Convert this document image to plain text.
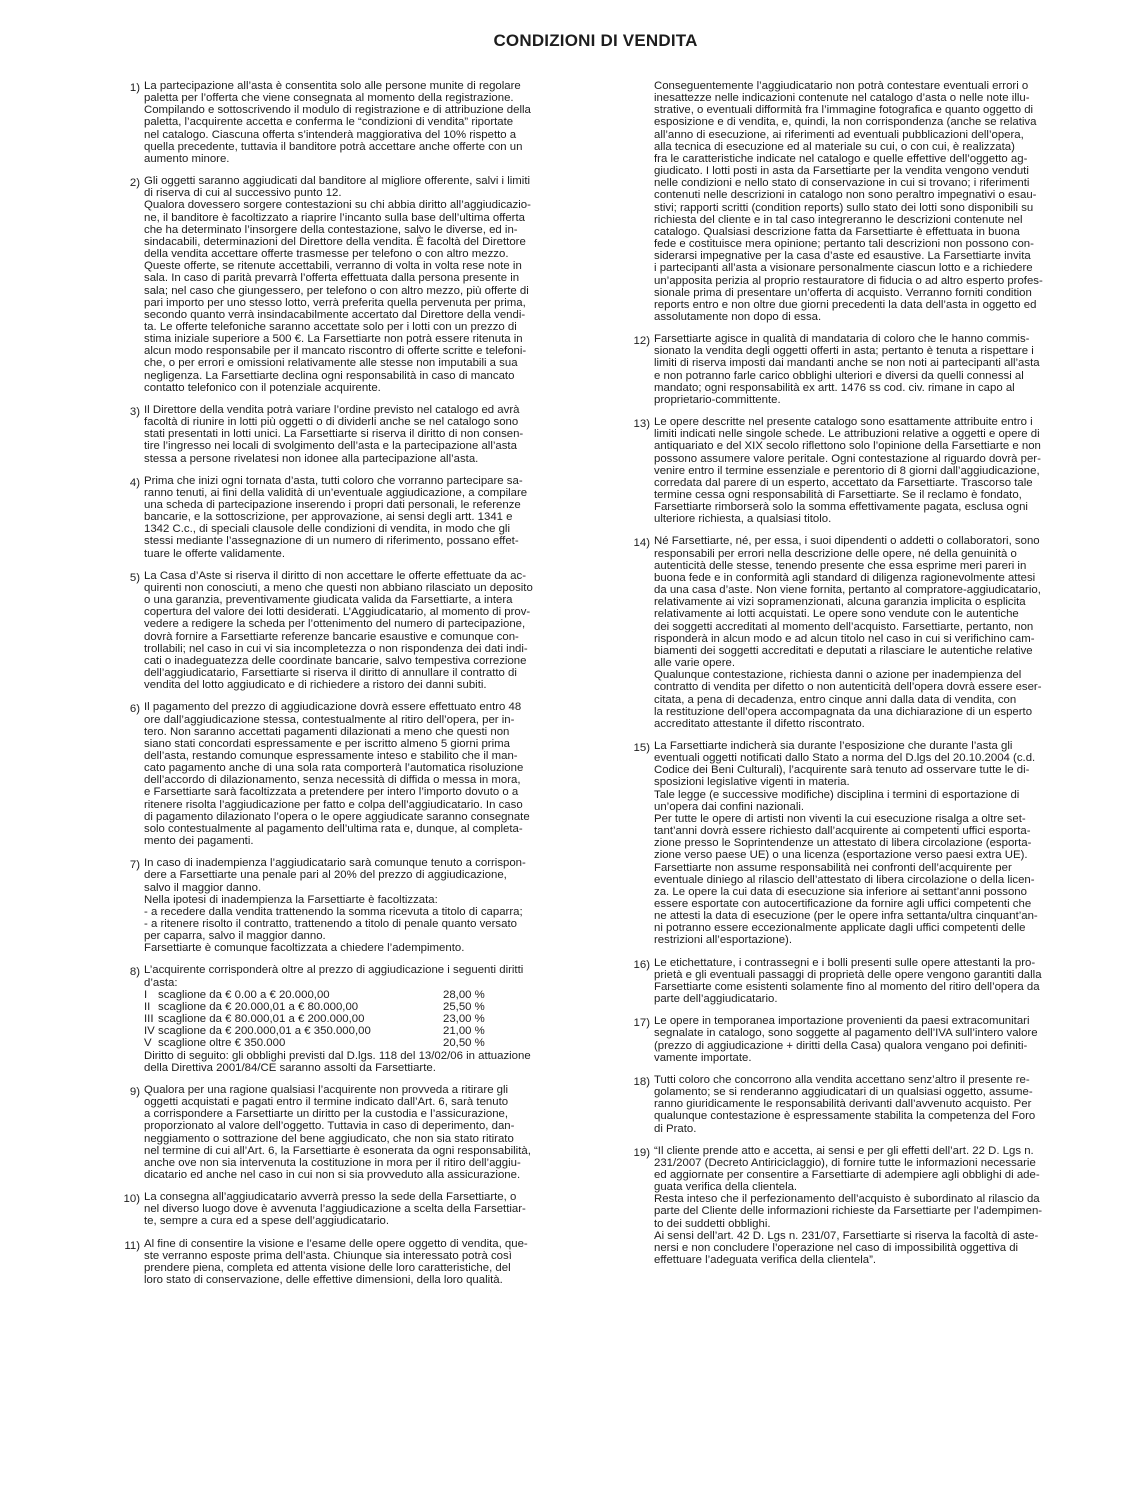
CONDIZIONI DI VENDITA
1) La partecipazione all’asta è consentita solo alle persone munite di regolare
paletta per l’offerta che viene consegnata al momento della registrazione.
Compilando e sottoscrivendo il modulo di registrazione e di attribuzione della
paletta, l’acquirente accetta e conferma le “condizioni di vendita” riportate
nel catalogo. Ciascuna offerta s’intenderà maggiorativa del 10% rispetto a
quella precedente, tuttavia il banditore potrà accettare anche offerte con un
aumento minore.

2) Gli oggetti saranno aggiudicati dal banditore al migliore offerente, salvi i limiti
di riserva di cui al successivo punto 12.

Qualora dovessero sorgere contestazioni su chi abbia diritto all’aggiudicazio-
ne, il banditore è facoltizzato a riaprire l’incanto sulla base dell’ultima offerta
che ha determinato l’insorgere della contestazione, salvo le diverse, ed in-
sindacabili, determinazioni del Direttore della vendita. È facoltà del Direttore
della vendita accettare offerte trasmesse per telefono o con altro mezzo.
Queste offerte, se ritenute accettabili, verranno di volta in volta rese note in
sala. In caso di parità prevarrà l’offerta effettuata dalla persona presente in
sala; nel caso che giungessero, per telefono o con altro mezzo, più offerte di
pari importo per uno stesso lotto, verrà preferita quella pervenuta per prima,
secondo quanto verrà insindacabilmente accertato dal Direttore della vendi-
ta. Le offerte telefoniche saranno accettate solo per i lotti con un prezzo di
stima iniziale superiore a 500 €. La Farsettiarte non potrà essere ritenuta in
alcun modo responsabile per il mancato riscontro di offerte scritte e telefoni-
che, o per errori e omissioni relativamente alle stesse non imputabili a sua
negligenza. La Farsettiarte declina ogni responsabilità in caso di mancato
contatto telefonico con il potenziale acquirente.

3) Il Direttore della vendita potrà variare l’ordine previsto nel catalogo ed avrà
facoltà di riunire in lotti più oggetti o di dividerli anche se nel catalogo sono
stati presentati in lotti unici. La Farsettiarte si riserva il diritto di non consen-
tire l’ingresso nei locali di svolgimento dell’asta e la partecipazione all’asta
stessa a persone rivelatesi non idonee alla partecipazione all’asta.

4) Prima che inizi ogni tornata d’asta, tutti coloro che vorranno partecipare sa-
ranno tenuti, ai fini della validità di un’eventuale aggiudicazione, a compilare
una scheda di partecipazione inserendo i propri dati personali, le referenze
bancarie, e la sottoscrizione, per approvazione, ai sensi degli artt. 1341 e
1342 C.c., di speciali clausole delle condizioni di vendita, in modo che gli
stessi mediante l’assegnazione di un numero di riferimento, possano effet-
tuare le offerte validamente.

5) La Casa d’Aste si riserva il diritto di non accettare le offerte effettuate da ac-
quirenti non conosciuti, a meno che questi non abbiano rilasciato un deposito
o una garanzia, preventivamente giudicata valida da Farsettiarte, a intera
copertura del valore dei lotti desiderati. L’Aggiudicatario, al momento di prov-
vedere a redigere la scheda per l’ottenimento del numero di partecipazione,
dovrà fornire a Farsettiarte referenze bancarie esaustive e comunque con-
trollabili; nel caso in cui vi sia incompletezza o non rispondenza dei dati indi-
cati o inadeguatezza delle coordinate bancarie, salvo tempestiva correzione
dell’aggiudicatario, Farsettiarte si riserva il diritto di annullare il contratto di
vendita del lotto aggiudicato e di richiedere a ristoro dei danni subiti.

6) Il pagamento del prezzo di aggiudicazione dovrà essere effettuato entro 48
ore dall’aggiudicazione stessa, contestualmente al ritiro dell’opera, per in-
tero. Non saranno accettati pagamenti dilazionati a meno che questi non
siano stati concordati espressamente e per iscritto almeno 5 giorni prima
dell’asta, restando comunque espressamente inteso e stabilito che il man-
cato pagamento anche di una sola rata comporterà l’automatica risoluzione
dell’accordo di dilazionamento, senza necessità di diffida o messa in mora,
e Farsettiarte sarà facoltizzata a pretendere per intero l’importo dovuto o a
ritenere risolta l’aggiudicazione per fatto e colpa dell’aggiudicatario. In caso
di pagamento dilazionato l’opera o le opere aggiudicate saranno consegnate
solo contestualmente al pagamento dell’ultima rata e, dunque, al completa-
mento dei pagamenti.

7) In caso di inadempienza l’aggiudicatario sarà comunque tenuto a corrispon-
dere a Farsettiarte una penale pari al 20% del prezzo di aggiudicazione,
salvo il maggior danno.

Nella ipotesi di inadempienza la Farsettiarte è facoltizzata:
- a recedere dalla vendita trattenendo la somma ricevuta a titolo di caparra;
- a ritenere risolto il contratto, trattenendo a titolo di penale quanto versato
per caparra, salvo il maggior danno.
Farsettiarte è comunque facoltizzata a chiedere l’adempimento.

8) L’acquirente corrisponderà oltre al prezzo di aggiudicazione i seguenti diritti
d’asta:

I scaglione da € 0.00 a € 20.000,00	28,00 %
II scaglione da € 20.000,01 a € 80.000,00	25,50 %
III scaglione da € 80.000,01 a € 200.000,00	23,00 %
IV scaglione da € 200.000,01 a € 350.000,00	21,00 %
V scaglione oltre € 350.000	20,50 %

Diritto di seguito: gli obblighi previsti dal D.lgs. 118 del 13/02/06 in attuazione
della Direttiva 2001/84/CE saranno assolti da Farsettiarte.

9) Qualora per una ragione qualsiasi l’acquirente non provveda a ritirare gli
oggetti acquistati e pagati entro il termine indicato dall’Art. 6, sarà tenuto
a corrispondere a Farsettiarte un diritto per la custodia e l’assicurazione,
proporzionato al valore dell’oggetto. Tuttavia in caso di deperimento, dan-
neggiamento o sottrazione del bene aggiudicato, che non sia stato ritirato
nel termine di cui all’Art. 6, la Farsettiarte è esonerata da ogni responsabilità,
anche ove non sia intervenuta la costituzione in mora per il ritiro dell’aggiu-
dicatario ed anche nel caso in cui non si sia provveduto alla assicurazione.

10) La consegna all’aggiudicatario avverrà presso la sede della Farsettiarte, o
nel diverso luogo dove è avvenuta l’aggiudicazione a scelta della Farsettiar-
te, sempre a cura ed a spese dell’aggiudicatario.

11) Al fine di consentire la visione e l’esame delle opere oggetto di vendita, que-
ste verranno esposte prima dell’asta. Chiunque sia interessato potrà così
prendere piena, completa ed attenta visione delle loro caratteristiche, del
loro stato di conservazione, delle effettive dimensioni, della loro qualità.

Conseguentemente l’aggiudicatario non potrà contestare eventuali errori o
inesattezze nelle indicazioni contenute nel catalogo d’asta o nelle note illu-
strative, o eventuali difformità fra l’immagine fotografica e quanto oggetto di
esposizione e di vendita, e, quindi, la non corrispondenza (anche se relativa
all’anno di esecuzione, ai riferimenti ad eventuali pubblicazioni dell’opera,
alla tecnica di esecuzione ed al materiale su cui, o con cui, è realizzata)
fra le caratteristiche indicate nel catalogo e quelle effettive dell’oggetto ag-
giudicato. I lotti posti in asta da Farsettiarte per la vendita vengono venduti
nelle condizioni e nello stato di conservazione in cui si trovano; i riferimenti
contenuti nelle descrizioni in catalogo non sono peraltro impegnativi o esau-
stivi; rapporti scritti (condition reports) sullo stato dei lotti sono disponibili su
richiesta del cliente e in tal caso integreranno le descrizioni contenute nel
catalogo. Qualsiasi descrizione fatta da Farsettiarte è effettuata in buona
fede e costituisce mera opinione; pertanto tali descrizioni non possono con-
siderarsi impegnative per la casa d’aste ed esaustive. La Farsettiarte invita
i partecipanti all’asta a visionare personalmente ciascun lotto e a richiedere
un’apposita perizia al proprio restauratore di fiducia o ad altro esperto profes-
sionale prima di presentare un’offerta di acquisto. Verranno forniti condition
reports entro e non oltre due giorni precedenti la data dell’asta in oggetto ed
assolutamente non dopo di essa.

12) Farsettiarte agisce in qualità di mandataria di coloro che le hanno commis-
sionato la vendita degli oggetti offerti in asta; pertanto è tenuta a rispettare i
limiti di riserva imposti dai mandanti anche se non noti ai partecipanti all’asta
e non potranno farle carico obblighi ulteriori e diversi da quelli connessi al
mandato; ogni responsabilità ex artt. 1476 ss cod. civ. rimane in capo al
proprietario-committente.

13) Le opere descritte nel presente catalogo sono esattamente attribuite entro i
limiti indicati nelle singole schede. Le attribuzioni relative a oggetti e opere di
antiquariato e del XIX secolo riflettono solo l’opinione della Farsettiarte e non
possono assumere valore peritale. Ogni contestazione al riguardo dovrà per-
venire entro il termine essenziale e perentorio di 8 giorni dall’aggiudicazione,
corredata dal parere di un esperto, accettato da Farsettiarte. Trascorso tale
termine cessa ogni responsabilità di Farsettiarte. Se il reclamo è fondato,
Farsettiarte rimborserà solo la somma effettivamente pagata, esclusa ogni
ulteriore richiesta, a qualsiasi titolo.

14) Né Farsettiarte, né, per essa, i suoi dipendenti o addetti o collaboratori, sono
responsabili per errori nella descrizione delle opere, né della genuinità o
autenticità delle stesse, tenendo presente che essa esprime meri pareri in
buona fede e in conformità agli standard di diligenza ragionevolmente attesi
da una casa d’aste. Non viene fornita, pertanto al compratore-aggiudicatario,
relativamente ai vizi sopramenzionati, alcuna garanzia implicita o esplicita
relativamente ai lotti acquistati. Le opere sono vendute con le autentiche
dei soggetti accreditati al momento dell’acquisto. Farsettiarte, pertanto, non
risponderà in alcun modo e ad alcun titolo nel caso in cui si verifichino cam-
biamenti dei soggetti accreditati e deputati a rilasciare le autentiche relative
alle varie opere.

Qualunque contestazione, richiesta danni o azione per inadempienza del
contratto di vendita per difetto o non autenticità dell’opera dovrà essere eser-
citata, a pena di decadenza, entro cinque anni dalla data di vendita, con
la restituzione dell’opera accompagnata da una dichiarazione di un esperto
accreditato attestante il difetto riscontrato.

15) La Farsettiarte indicherà sia durante l’esposizione che durante l’asta gli
eventuali oggetti notificati dallo Stato a norma del D.lgs del 20.10.2004 (c.d.
Codice dei Beni Culturali), l’acquirente sarà tenuto ad osservare tutte le di-
sposizioni legislative vigenti in materia.

Tale legge (e successive modifiche) disciplina i termini di esportazione di
un’opera dai confini nazionali.

Per tutte le opere di artisti non viventi la cui esecuzione risalga a oltre set-
tant’anni dovrà essere richiesto dall’acquirente ai competenti uffici esporta-
zione presso le Soprintendenze un attestato di libera circolazione (esporta-
zione verso paese UE) o una licenza (esportazione verso paesi extra UE).

Farsettiarte non assume responsabilità nei confronti dell’acquirente per
eventuale diniego al rilascio dell’attestato di libera circolazione o della licen-
za. Le opere la cui data di esecuzione sia inferiore ai settant’anni possono
essere esportate con autocertificazione da fornire agli uffici competenti che
ne attesti la data di esecuzione (per le opere infra settanta/ultra cinquant’an-
ni potranno essere eccezionalmente applicate dagli uffici competenti delle
restrizioni all’esportazione).

16) Le etichettature, i contrassegni e i bolli presenti sulle opere attestanti la pro-
prietà e gli eventuali passaggi di proprietà delle opere vengono garantiti dalla
Farsettiarte come esistenti solamente fino al momento del ritiro dell’opera da
parte dell’aggiudicatario.

17) Le opere in temporanea importazione provenienti da paesi extracomunitari
segnalate in catalogo, sono soggette al pagamento dell’IVA sull’intero valore
(prezzo di aggiudicazione + diritti della Casa) qualora vengano poi definiti-
vamente importate.

18) Tutti coloro che concorrono alla vendita accettano senz’altro il presente re-
golamento; se si renderanno aggiudicatari di un qualsiasi oggetto, assume-
ranno giuridicamente le responsabilità derivanti dall’avvenuto acquisto. Per
qualunque contestazione è espressamente stabilita la competenza del Foro
di Prato.

19) “Il cliente prende atto e accetta, ai sensi e per gli effetti dell’art. 22 D. Lgs n.
231/2007 (Decreto Antiriciclaggio), di fornire tutte le informazioni necessarie
ed aggiornate per consentire a Farsettiarte di adempiere agli obblighi di ade-
guata verifica della clientela.

Resta inteso che il perfezionamento dell’acquisto è subordinato al rilascio da
parte del Cliente delle informazioni richieste da Farsettiarte per l’adempimen-
to dei suddetti obblighi.

Ai sensi dell’art. 42 D. Lgs n. 231/07, Farsettiarte si riserva la facoltà di aste-
nersi e non concludere l’operazione nel caso di impossibilità oggettiva di
effettuare l’adeguata verifica della clientela”.
